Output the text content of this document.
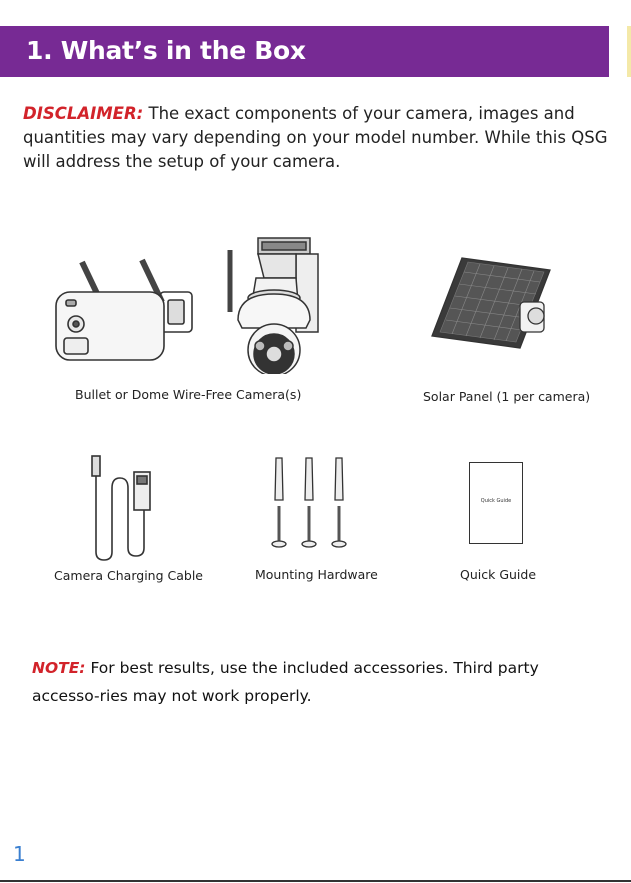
1. What’s in the Box
DISCLAIMER: The exact components of your camera, images and quantities may vary depending on your model number. While this QSG will address the setup of your camera.
Quick Guide
Bullet or Dome Wire-Free Camera(s)	Solar Panel (1 per camera)
Camera Charging Cable	Mounting Hardware	Quick Guide
NOTE: For best results, use the included accessories. Third party accesso-ries may not work properly.
1
